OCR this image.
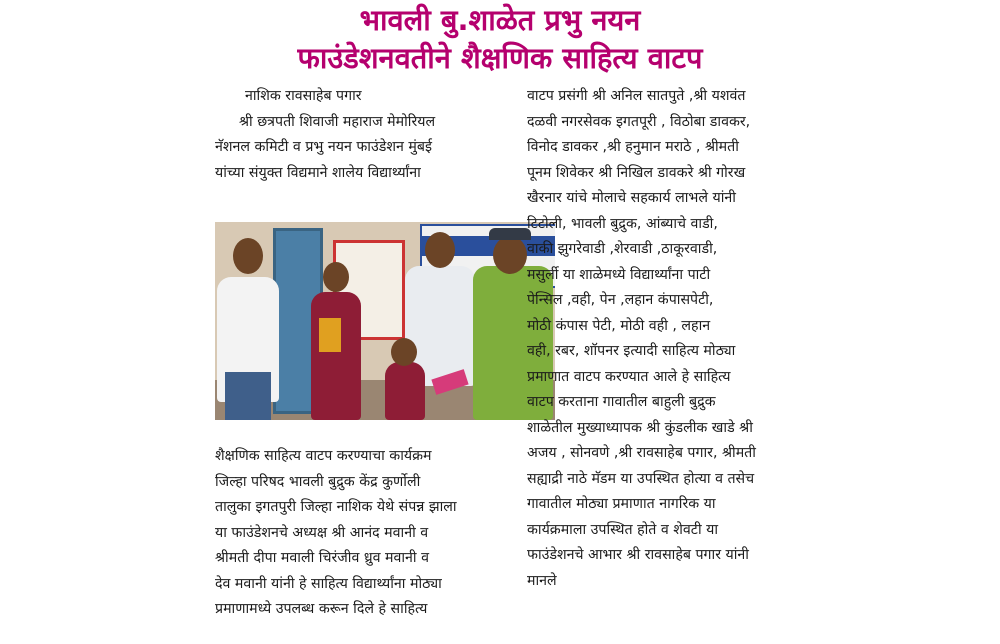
भावली बु.शाळेत प्रभु नयन
फाउंडेशनवतीने शैक्षणिक साहित्य वाटप

नाशिक रावसाहेब पगार

श्री छत्रपती शिवाजी महाराज मेमोरियल

नॅशनल कमिटी व प्रभु नयन फाउंडेशन मुंबई

यांच्या संयुक्त विद्यमाने शालेय विद्यार्थ्यांना

शैक्षणिक साहित्य वाटप करण्याचा कार्यक्रम

जिल्हा परिषद भावली बुद्रुक केंद्र कुर्णोली

तालुका इगतपुरी जिल्हा नाशिक येथे संपन्न झाला

या फाउंडेशनचे अध्यक्ष श्री आनंद मवानी व

श्रीमती दीपा मवाली चिरंजीव ध्रुव मवानी व

देव मवानी यांनी हे साहित्य विद्यार्थ्यांना मोठ्या

प्रमाणामध्ये उपलब्ध करून दिले हे साहित्य

वाटप प्रसंगी श्री अनिल सातपुते ,श्री यशवंत

दळवी नगरसेवक इगतपूरी , विठोबा डावकर,

विनोद डावकर ,श्री हनुमान मराठे , श्रीमती

पूनम शिवेकर श्री निखिल डावकरे श्री गोरख

खैरनार यांचे मोलाचे सहकार्य लाभले यांनी

टिटोली, भावली बुद्रुक, आंब्याचे वाडी,

वाकी झुगरेवाडी ,शेरवाडी ,ठाकूरवाडी,

मसुर्ली या शाळेमध्ये विद्यार्थ्यांना पाटी

पेन्सिल ,वही, पेन ,लहान कंपासपेटी,

मोठी कंपास पेटी, मोठी वही , लहान

वही, रबर, शॉपनर इत्यादी साहित्य मोठ्या

प्रमाणात वाटप करण्यात आले हे साहित्य

वाटप करताना गावातील बाहुली बुद्रुक

शाळेतील मुख्याध्यापक श्री कुंडलीक खाडे श्री

अजय , सोनवणे ,श्री रावसाहेब पगार, श्रीमती

सह्याद्री नाठे मॅडम या उपस्थित होत्या व तसेच

गावातील मोठ्या प्रमाणात नागरिक या

कार्यक्रमाला उपस्थित होते व शेवटी या

फाउंडेशनचे आभार श्री रावसाहेब पगार यांनी

मानले
